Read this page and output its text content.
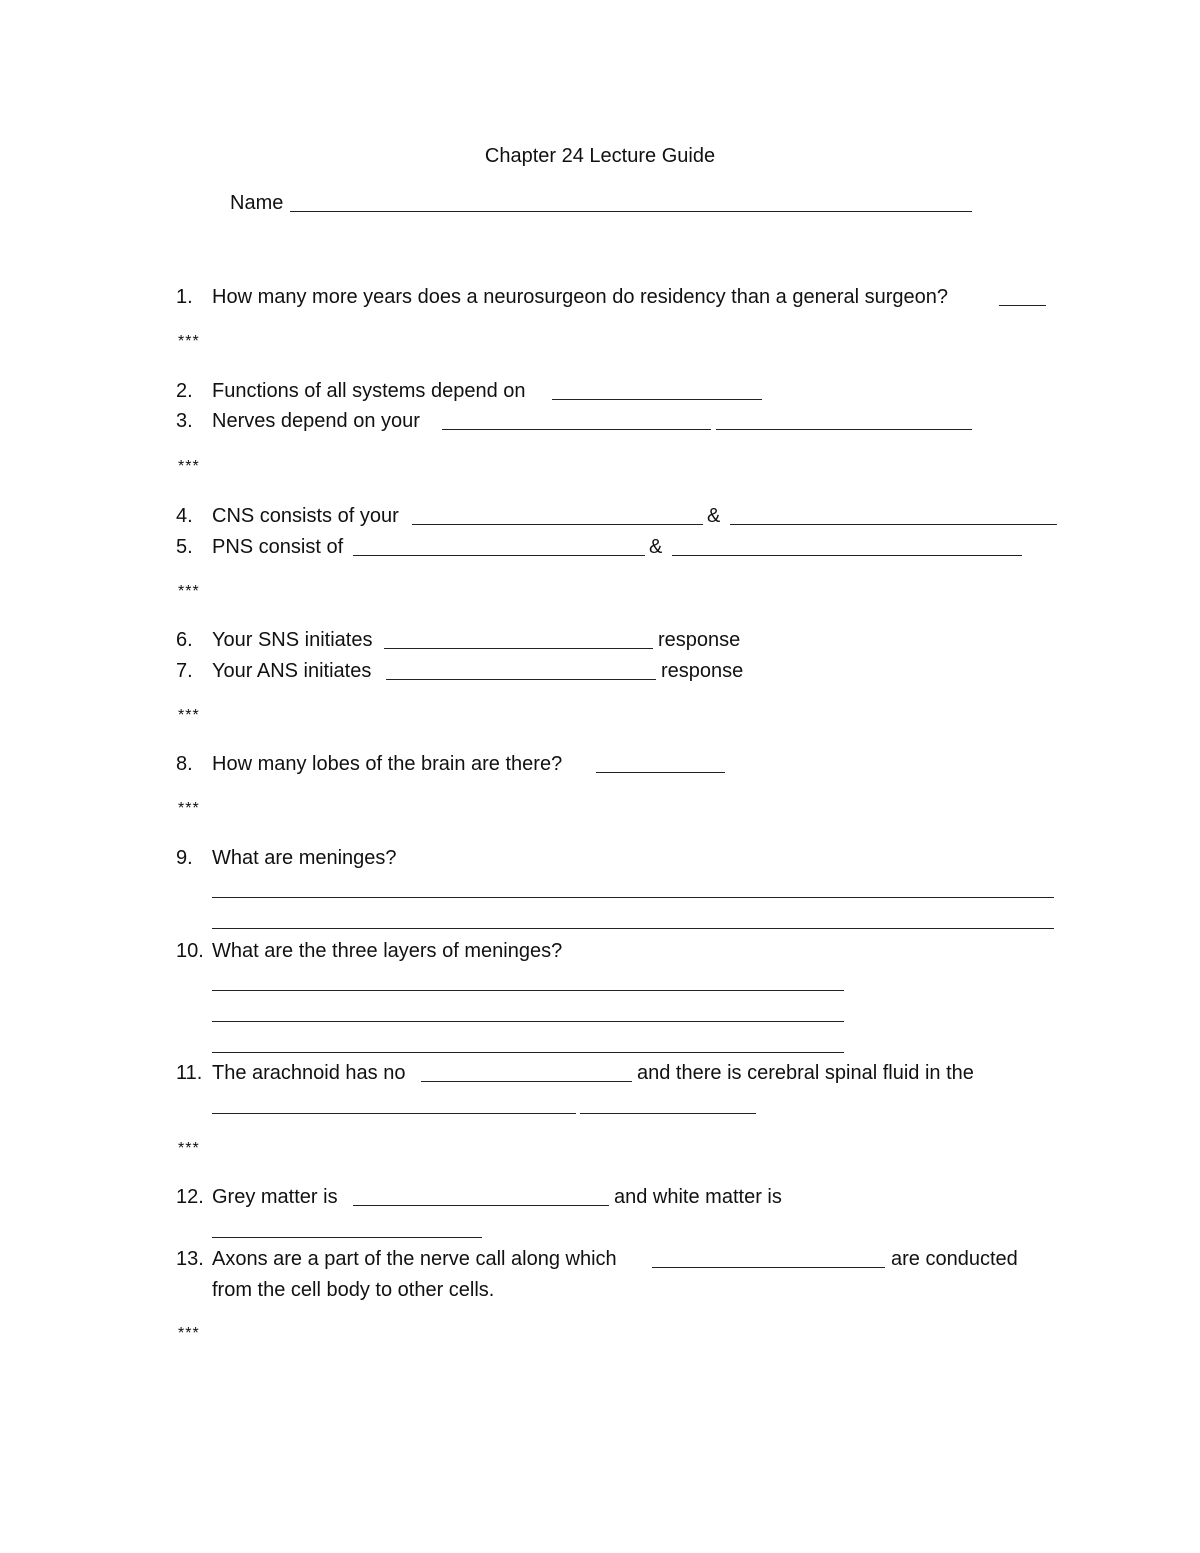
Chapter 24 Lecture Guide
Name
1. How many more years does a neurosurgeon do residency than a general surgeon?
***
2. Functions of all systems depend on
3. Nerves depend on your
***
4. CNS consists of your	&
5. PNS consist of	&
***
6. Your SNS initiates	response
7. Your ANS initiates	response
***
8. How many lobes of the brain are there?
***
9. What are meninges?
10. What are the three layers of meninges?
11. The arachnoid has no	and there is cerebral spinal fluid in the
***
12. Grey matter is	and white matter is
13. Axons are a part of the nerve call along which	are conducted
from the cell body to other cells.
***
